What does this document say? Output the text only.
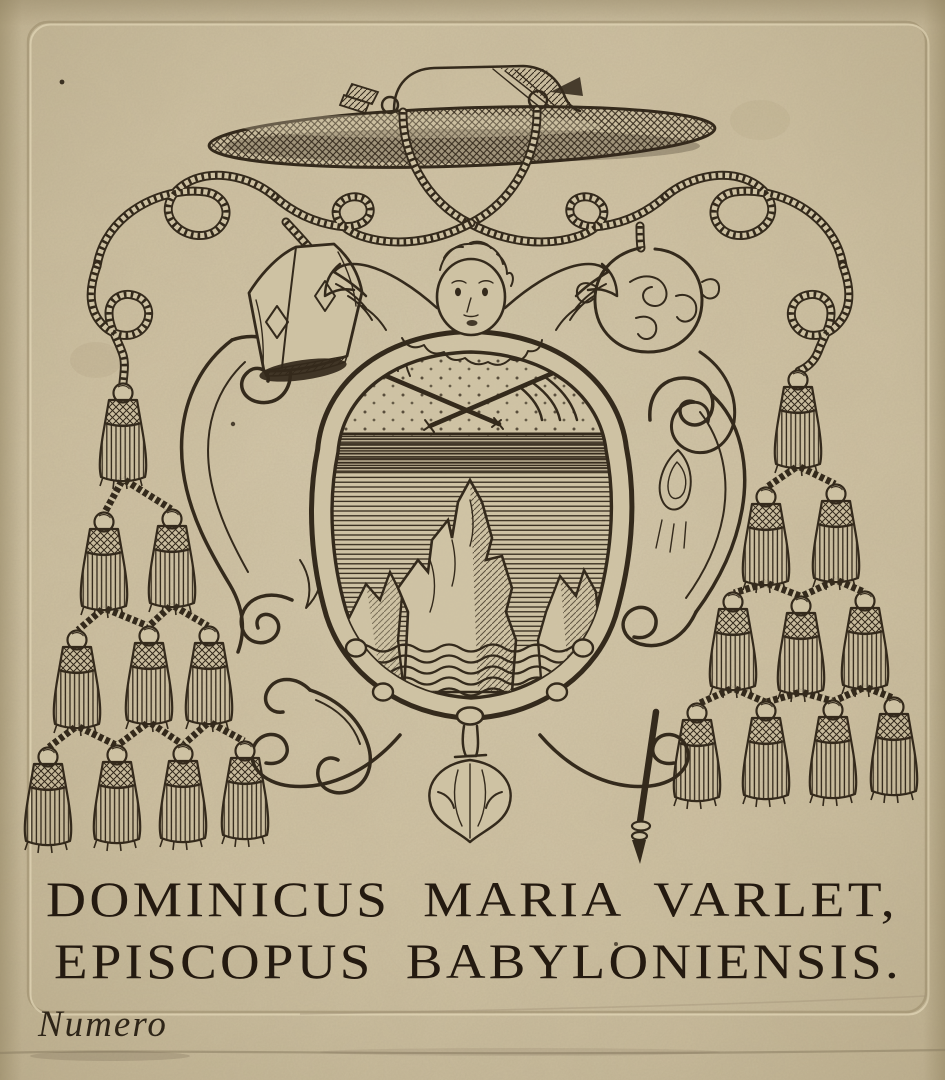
DOMINICUS MARIA VARLET,
EPISCOPUS BABYLONIENSIS.
Numero
